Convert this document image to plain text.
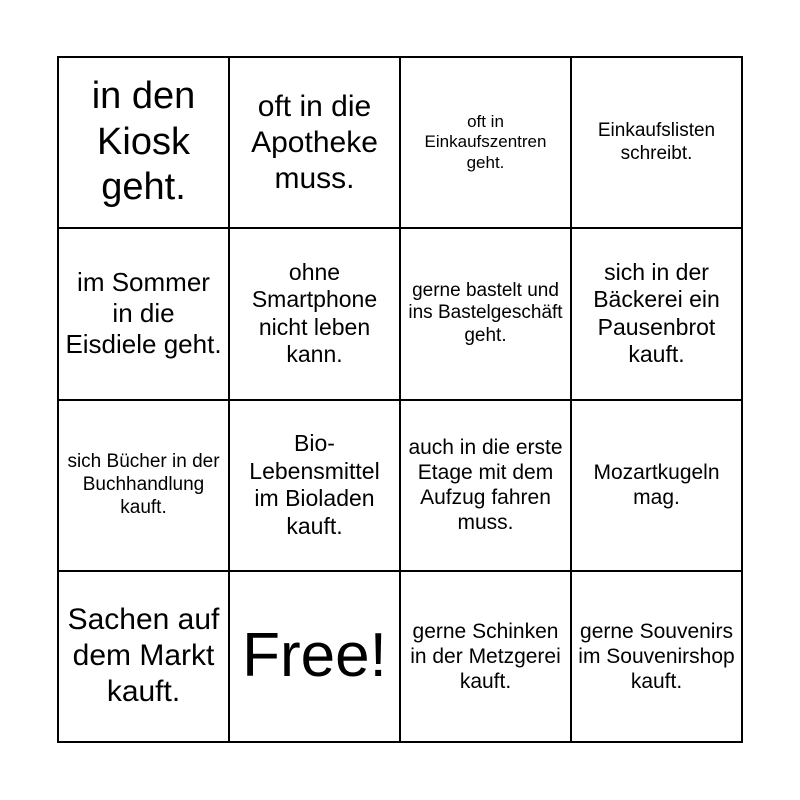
in den Kiosk geht.	oft in die Apotheke muss.	oft in Einkaufszentren geht.	Einkaufslisten schreibt.
im Sommer in die Eisdiele geht.	ohne Smartphone nicht leben kann.	gerne bastelt und ins Bastelgeschäft geht.	sich in der Bäckerei ein Pausenbrot kauft.
sich Bücher in der Buchhandlung kauft.	Bio-Lebensmittel im Bioladen kauft.	auch in die erste Etage mit dem Aufzug fahren muss.	Mozartkugeln mag.
Sachen auf dem Markt kauft.	Free!	gerne Schinken in der Metzgerei kauft.	gerne Souvenirs im Souvenirshop kauft.
